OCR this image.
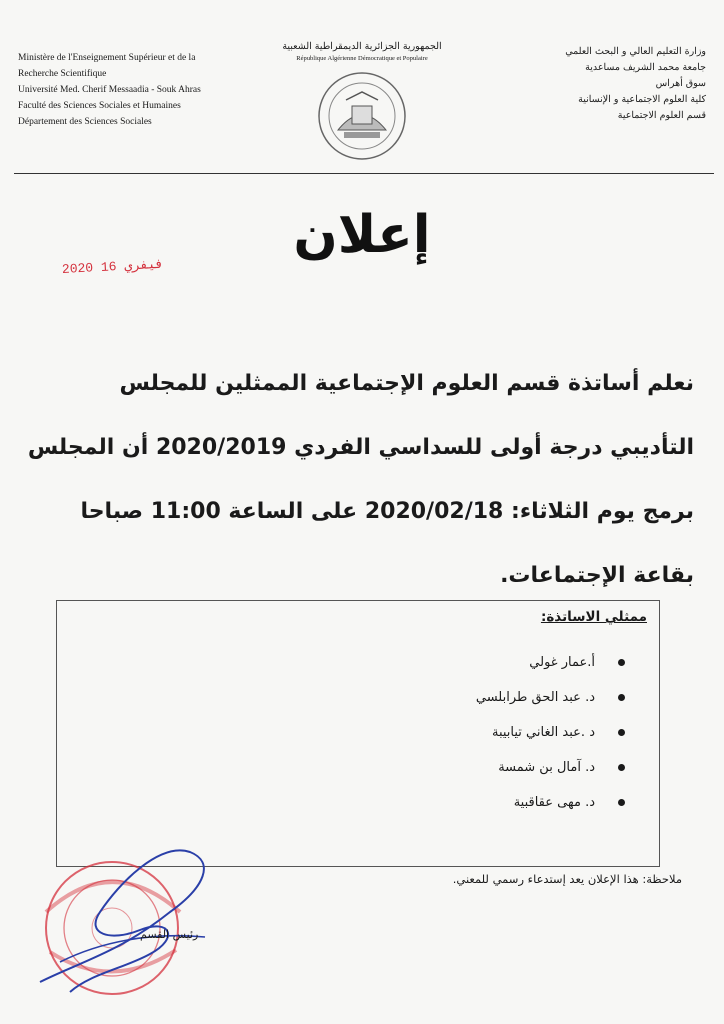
Ministère de l'Enseignement Supérieur et de la
Recherche Scientifique
Université Med. Cherif Messaadia - Souk Ahras
Faculté des Sciences Sociales et Humaines
Département des Sciences Sociales
الجمهورية الجزائرية الديمقراطية الشعبية
République Algérienne Démocratique et Populaire
وزارة التعليم العالي و البحث العلمي
جامعة محمد الشريف مساعدية
سوق أهراس
كلية العلوم الاجتماعية و الإنسانية
قسم العلوم الاجتماعية
إعلان
2020 فيفري 16
نعلم أساتذة قسم العلوم الإجتماعية الممثلين للمجلس
التأديبي درجة أولى للسداسي الفردي 2020/2019 أن المجلس
برمج يوم الثلاثاء: 2020/02/18 على الساعة 11:00 صباحا
بقاعة الإجتماعات.
ممثلي الاساتذة:
أ.عمار غولي
د. عبد الحق طرابلسي
د .عبد الغاني تيابيبة
د. آمال بن شمسة
د. مهى عقاقبية
ملاحظة: هذا الإعلان يعد إستدعاء رسمي للمعني.
رئيس القسم
